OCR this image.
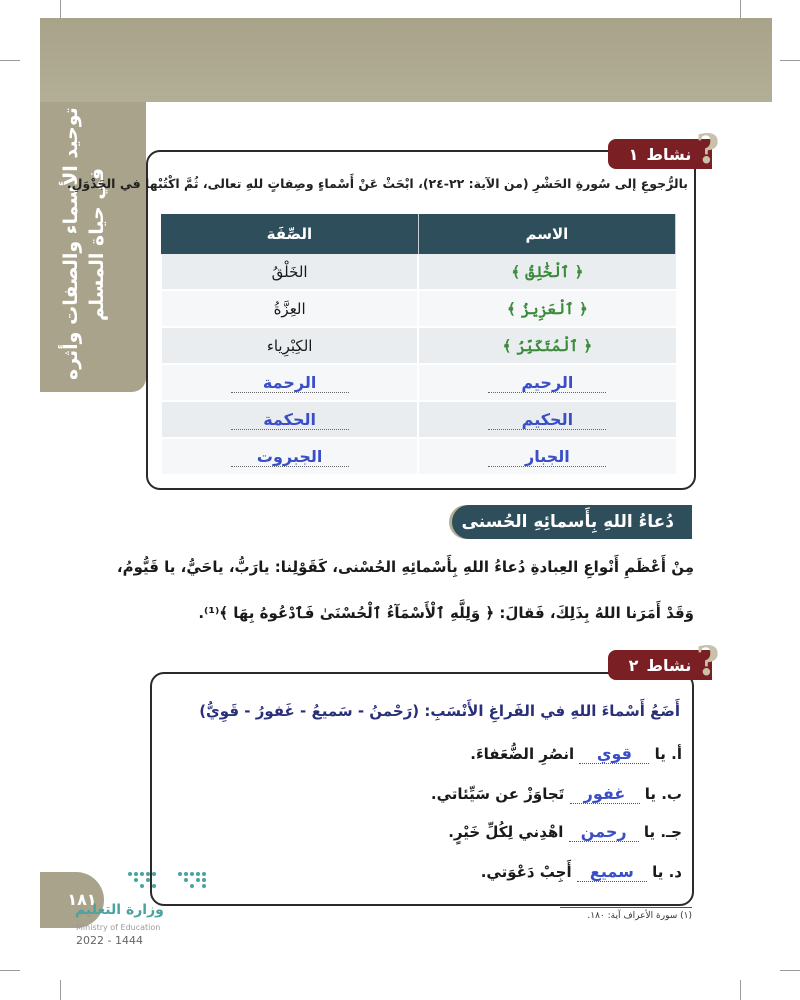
توحيد الأسماء والصفات وأثره في حياة المسلم
نشاط
١ ?
بالرُّجوعِ إلى سُورةِ الحَشْرِ (من الآية: ٢٢-٢٤)، ابْحَثْ عَنْ أَسْماءٍ وصِفاتٍ للهِ تعالى، ثُمَّ اكْتُبْها في الجَدْوَلِ.
الاسم	الصِّفَة
﴿ ٱلْخَٰلِقُ ﴾	الخَلْقُ
﴿ ٱلْعَزِيزُ ﴾	العِزَّةُ
﴿ ٱلْمُتَكَبِّرُ ﴾	الكِبْرِياء
الرحيم	الرحمة
الحكيم	الحكمة
الجبار	الجبروت
دُعاءُ اللهِ بِأَسمائِهِ الحُسنى
مِنْ أَعْظَمِ أَنْواعِ العِبادةِ دُعاءُ اللهِ بِأَسْمائِهِ الحُسْنى، كَقَوْلِنا: يارَبُّ، ياحَيُّ، يا قَيُّومُ،
وَقَدْ أَمَرَنا اللهُ بِذَلِكَ، فَقالَ: ﴿ وَلِلَّهِ ٱلْأَسْمَآءُ ٱلْحُسْنَىٰ فَٱدْعُوهُ بِهَا ﴾⁽¹⁾.
نشاط
٢ ?
أَضَعُ أَسْماءَ اللهِ في الفَراغِ الأَنْسَبِ: (رَحْمنُ - سَميعُ - غَفورُ - قَوِيُّ)
أ. يا قوي انصُرِ الضُّعَفاءَ.
ب. يا غفور تَجاوَزْ عن سَيِّئاتي.
جـ. يا رحمن اهْدِني لِكُلِّ خَيْرٍ.
د. يا سميع أَجِبْ دَعْوَتي.
(١) سورة الأعراف آية: ١٨٠.
١٨١
وزارة التعليم
Ministry of Education
2022 - 1444
